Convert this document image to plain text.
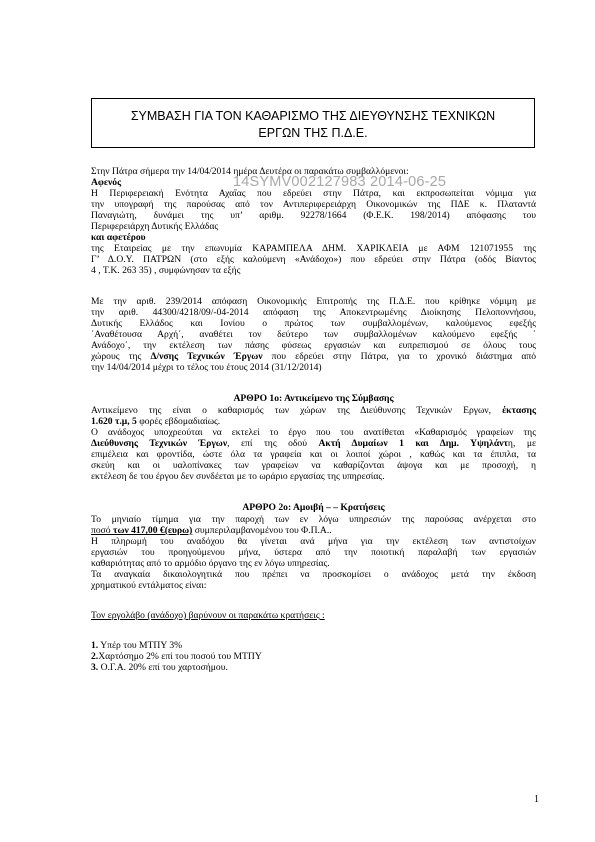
ΣΥΜΒΑΣΗ ΓΙΑ ΤΟΝ ΚΑΘΑΡΙΣΜΟ ΤΗΣ ΔΙΕΥΘΥΝΣΗΣ ΤΕΧΝΙΚΩΝ
ΕΡΓΩΝ ΤΗΣ Π.Δ.Ε.
14SYMV002127983 2014-06-25
Στην Πάτρα σήμερα την 14/04/2014 ημέρα Δευτέρα οι παρακάτω συμβαλλόμενοι:
Αφενός
Η Περιφερειακή Ενότητα Αχαΐας που εδρεύει στην Πάτρα, και εκπροσωπείται νόμιμα για
την υπογραφή της παρούσας από τον Αντιπεριφερειάρχη Οικονομικών της ΠΔΕ κ. Πλαταντά
Παναγιώτη, δυνάμει της υπ’ αριθμ. 92278/1664 (Φ.Ε.Κ. 198/2014) απόφασης του
Περιφερειάρχη Δυτικής Ελλάδας
και αφετέρου
της Εταιρείας με την επωνυμία ΚΑΡΑΜΠΕΛΑ ΔΗΜ. ΧΑΡΙΚΛΕΙΑ με ΑΦΜ 121071955 της
Γ’ Δ.Ο.Υ. ΠΑΤΡΩΝ (στο εξής καλούμενη «Ανάδοχο») που εδρεύει στην Πάτρα (οδός Βίαντος
4 , Τ.Κ. 263 35) , συμφώνησαν τα εξής
Με την αριθ. 239/2014 απόφαση Οικονομικής Επιτροπής της Π.Δ.Ε. που κρίθηκε νόμιμη με
την αριθ. 44300/4218/09/-04-2014 απόφαση της Αποκεντρωμένης Διοίκησης Πελοποννήσου,
Δυτικής Ελλάδος και Ιονίου ο πρώτος των συμβαλλομένων, καλούμενος εφεξής
΄Αναθέτουσα Αρχή΄, αναθέτει τον δεύτερο των συμβαλλομένων καλούμενο εφεξής ΄
Ανάδοχο΄, την εκτέλεση των πάσης φύσεως εργασιών και ευπρεπισμού σε όλους τους
χώρους της Δ/νσης Τεχνικών Έργων που εδρεύει στην Πάτρα, για το χρονικό διάστημα από
την 14/04/2014 μέχρι το τέλος του έτους 2014 (31/12/2014)
ΑΡΘΡΟ 1ο: Αντικείμενο της Σύμβασης
Αντικείμενο της είναι ο καθαρισμός των χώρων της Διεύθυνσης Τεχνικών Εργων, έκτασης
1.620 τ.μ, 5 φορές εβδομαδιαίως.
Ο ανάδοχος υποχρεούται να εκτελεί το έργο που του ανατίθεται «Καθαρισμός γραφείων της
Διεύθυνσης Τεχνικών Έργων, επί της οδού Ακτή Δυμαίων 1 και Δημ. Υψηλάντη, με
επιμέλεια και φροντίδα, ώστε όλα τα γραφεία και οι λοιποί χώροι , καθώς και τα έπιπλα, τα
σκεύη και οι υαλοπίνακες των γραφείων να καθαρίζονται άψογα και με προσοχή, η
εκτέλεση δε του έργου δεν συνδέεται με το ωράριο εργασίας της υπηρεσίας.
ΑΡΘΡΟ 2ο: Αμοιβή – – Κρατήσεις
Το μηνιαίο τίμημα για την παροχή των εν λόγω υπηρεσιών της παρούσας ανέρχεται στο
ποσό των 417,00 €(ευρω) συμπεριλαμβανομένου του Φ.Π.Α..
Η πληρωμή του αναδόχου θα γίνεται ανά μήνα για την εκτέλεση των αντιστοίχων
εργασιών του προηγούμενου μήνα, ύστερα από την ποιοτική παραλαβή των εργασιών
καθαριότητας από το αρμόδιο όργανο της εν λόγω υπηρεσίας.
Τα αναγκαία δικαιολογητικά που πρέπει να προσκομίσει ο ανάδοχος μετά την έκδοση
χρηματικού εντάλματος είναι:
Τον εργολάβο (ανάδοχο) βαρύνουν οι παρακάτω κρατήσεις :
1. Υπέρ του ΜΤΠΥ 3%
2.Χαρτόσημο 2% επί του ποσού του ΜΤΠΥ
3. Ο.Γ.Α. 20% επί του χαρτοσήμου.
1
